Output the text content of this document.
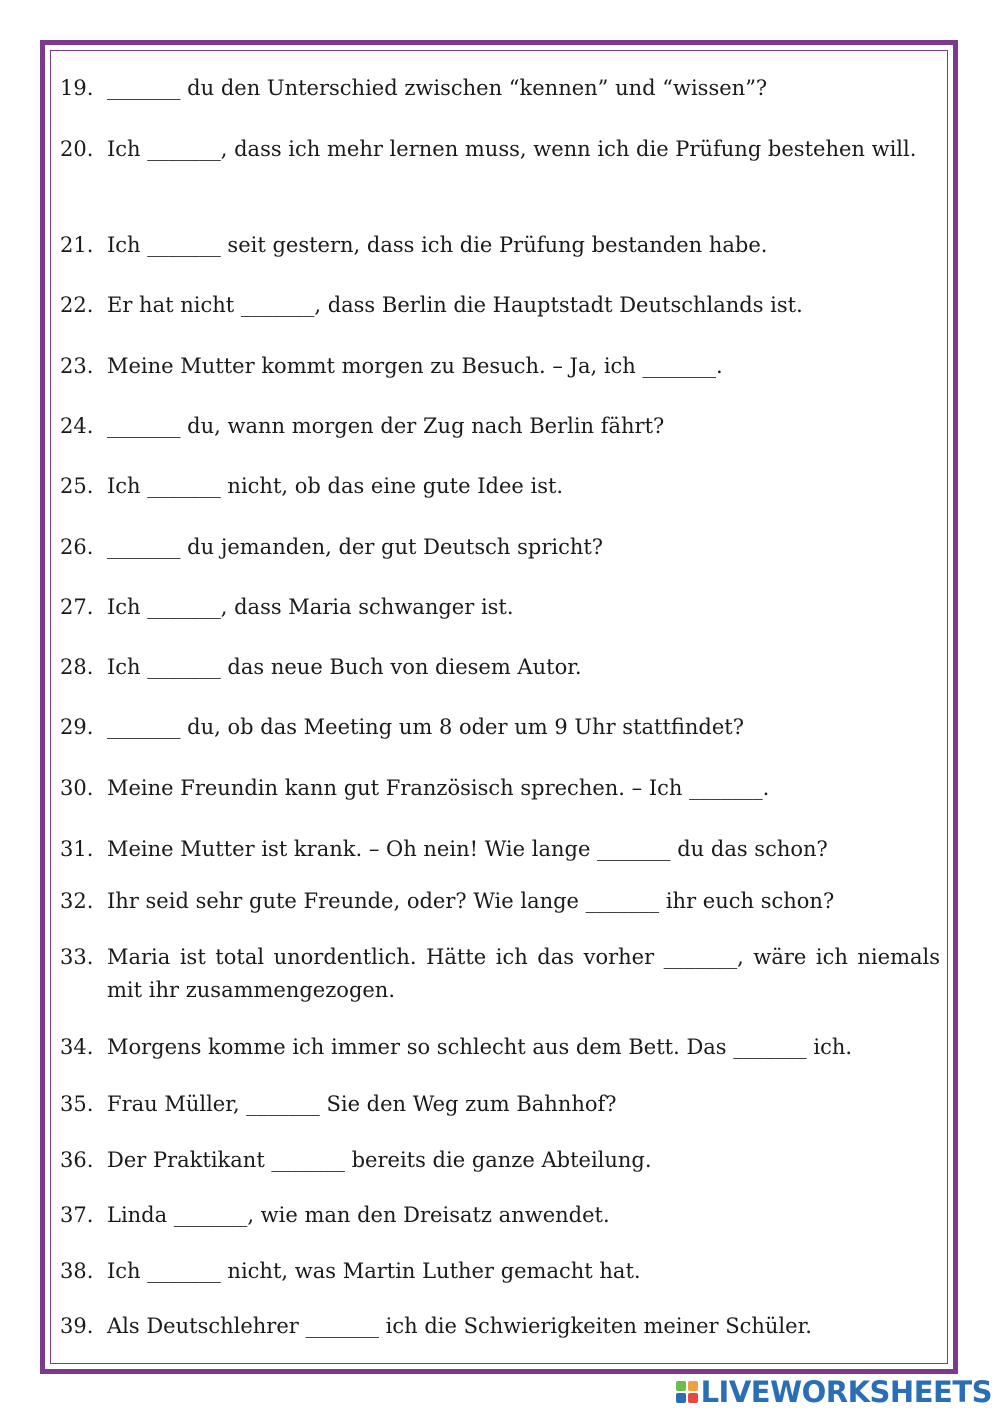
19. _______ du den Unterschied zwischen “kennen” und “wissen”?
20. Ich _______, dass ich mehr lernen muss, wenn ich die Prüfung bestehen will.
21. Ich _______ seit gestern, dass ich die Prüfung bestanden habe.
22. Er hat nicht _______, dass Berlin die Hauptstadt Deutschlands ist.
23. Meine Mutter kommt morgen zu Besuch. – Ja, ich _______.
24. _______ du, wann morgen der Zug nach Berlin fährt?
25. Ich _______ nicht, ob das eine gute Idee ist.
26. _______ du jemanden, der gut Deutsch spricht?
27. Ich _______, dass Maria schwanger ist.
28. Ich _______ das neue Buch von diesem Autor.
29. _______ du, ob das Meeting um 8 oder um 9 Uhr stattfindet?
30. Meine Freundin kann gut Französisch sprechen. – Ich _______.
31. Meine Mutter ist krank. – Oh nein! Wie lange _______ du das schon?
32. Ihr seid sehr gute Freunde, oder? Wie lange _______ ihr euch schon?
33. Maria ist total unordentlich. Hätte ich das vorher _______, wäre ich niemals mit ihr zusammengezogen.
34. Morgens komme ich immer so schlecht aus dem Bett. Das _______ ich.
35. Frau Müller, _______ Sie den Weg zum Bahnhof?
36. Der Praktikant _______ bereits die ganze Abteilung.
37. Linda _______, wie man den Dreisatz anwendet.
38. Ich _______ nicht, was Martin Luther gemacht hat.
39. Als Deutschlehrer _______ ich die Schwierigkeiten meiner Schüler.
LIVEWORKSHEETS
